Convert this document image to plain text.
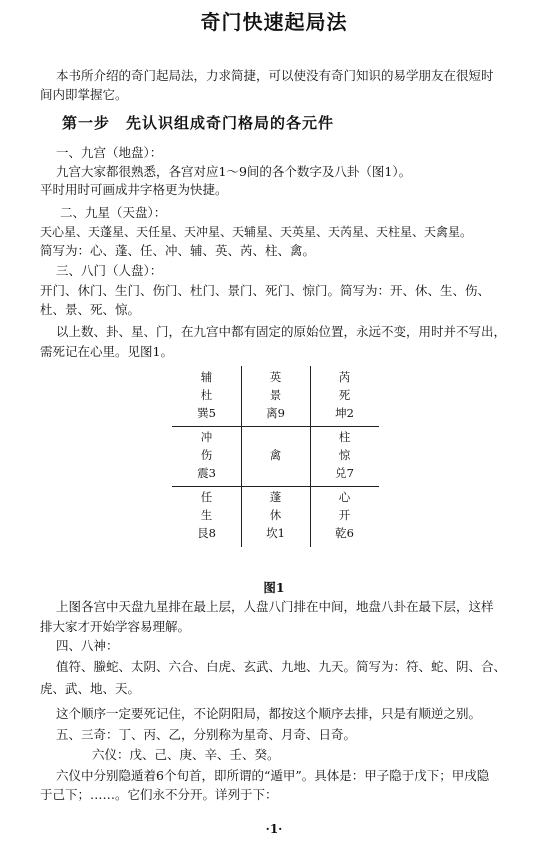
奇门快速起局法
本书所介绍的奇门起局法，力求简捷，可以使没有奇门知识的易学朋友在很短时
间内即掌握它。
第一步　先认识组成奇门格局的各元件
一、九宫（地盘）：
九宫大家都很熟悉，各宫对应1～9间的各个数字及八卦（图1）。
平时用时可画成井字格更为快捷。
二、九星（天盘）：
天心星、天蓬星、天任星、天冲星、天辅星、天英星、天芮星、天柱星、天禽星。
简写为：心、蓬、任、冲、辅、英、芮、柱、禽。
三、八门（人盘）：
开门、休门、生门、伤门、杜门、景门、死门、惊门。简写为：开、休、生、伤、
杜、景、死、惊。
以上数、卦、星、门，在九宫中都有固定的原始位置，永远不变，用时并不写出，
需死记在心里。见图1。
辅
杜
巽5
英
景
离9
芮
死
坤2
冲
伤
震3
禽
柱
惊
兑7
任
生
艮8
蓬
休
坎1
心
开
乾6
图1
上图各宫中天盘九星排在最上层，人盘八门排在中间，地盘八卦在最下层，这样
排大家才开始学容易理解。
四、八神：
值符、螣蛇、太阴、六合、白虎、玄武、九地、九天。简写为：符、蛇、阴、合、
虎、武、地、天。
这个顺序一定要死记住，不论阴阳局，都按这个顺序去排，只是有顺逆之别。
五、三奇：丁、丙、乙，分别称为星奇、月奇、日奇。
六仪：戊、己、庚、辛、壬、癸。
六仪中分别隐遁着6个旬首，即所谓的“遁甲”。具体是：甲子隐于戊下；甲戌隐
于己下；……。它们永不分开。详列于下：
·1·
